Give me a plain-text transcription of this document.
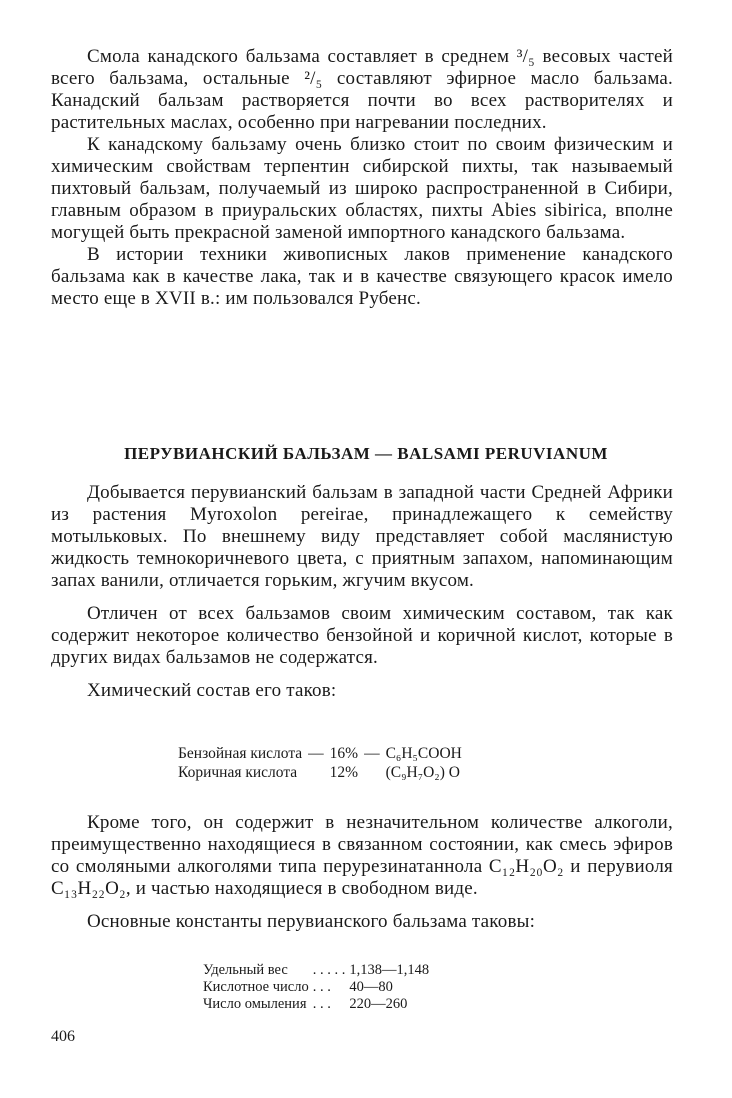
Смола канадского бальзама составляет в среднем ³/₅ весовых частей всего бальзама, остальные ²/₅ составляют эфирное масло бальзама. Канадский бальзам растворяется почти во всех растворителях и растительных маслах, особенно при нагревании последних.

К канадскому бальзаму очень близко стоит по своим физическим и химическим свойствам терпентин сибирской пихты, так называемый пихтовый бальзам, получаемый из широко распространенной в Сибири, главным образом в приуральских областях, пихты Abies sibirica, вполне могущей быть прекрасной заменой импортного канадского бальзама.

В истории техники живописных лаков применение канадского бальзама как в качестве лака, так и в качестве связующего красок имело место еще в XVII в.: им пользовался Рубенс.

ПЕРУВИАНСКИЙ БАЛЬЗАМ — BALSAMI PERUVIANUM

Добывается перувианский бальзам в западной части Средней Африки из растения Myroxolon pereirae, принадлежащего к семейству мотыльковых. По внешнему виду представляет собой маслянистую жидкость темнокоричневого цвета, с приятным запахом, напоминающим запах ванили, отличается горьким, жгучим вкусом.

Отличен от всех бальзамов своим химическим составом, так как содержит некоторое количество бензойной и коричной кислот, которые в других видах бальзамов не содержатся.

Химический состав его таков:

Бензойная кислота	—	16%	—	C₆H₅COOH
Коричная кислота		12%		(C₉H₇O₂) O

Кроме того, он содержит в незначительном количестве алкоголи, преимущественно находящиеся в связанном состоянии, как смесь эфиров со смоляными алкоголями типа перурезинатаннола C₁₂H₂₀O₂ и перувиоля C₁₃H₂₂O₂, и частью находящиеся в свободном виде.

Основные константы перувианского бальзама таковы:

Удельный вес	. . . . .	1,138—1,148
Кислотное число	. . .	40—80
Число омыления	. . .	220—260
406
